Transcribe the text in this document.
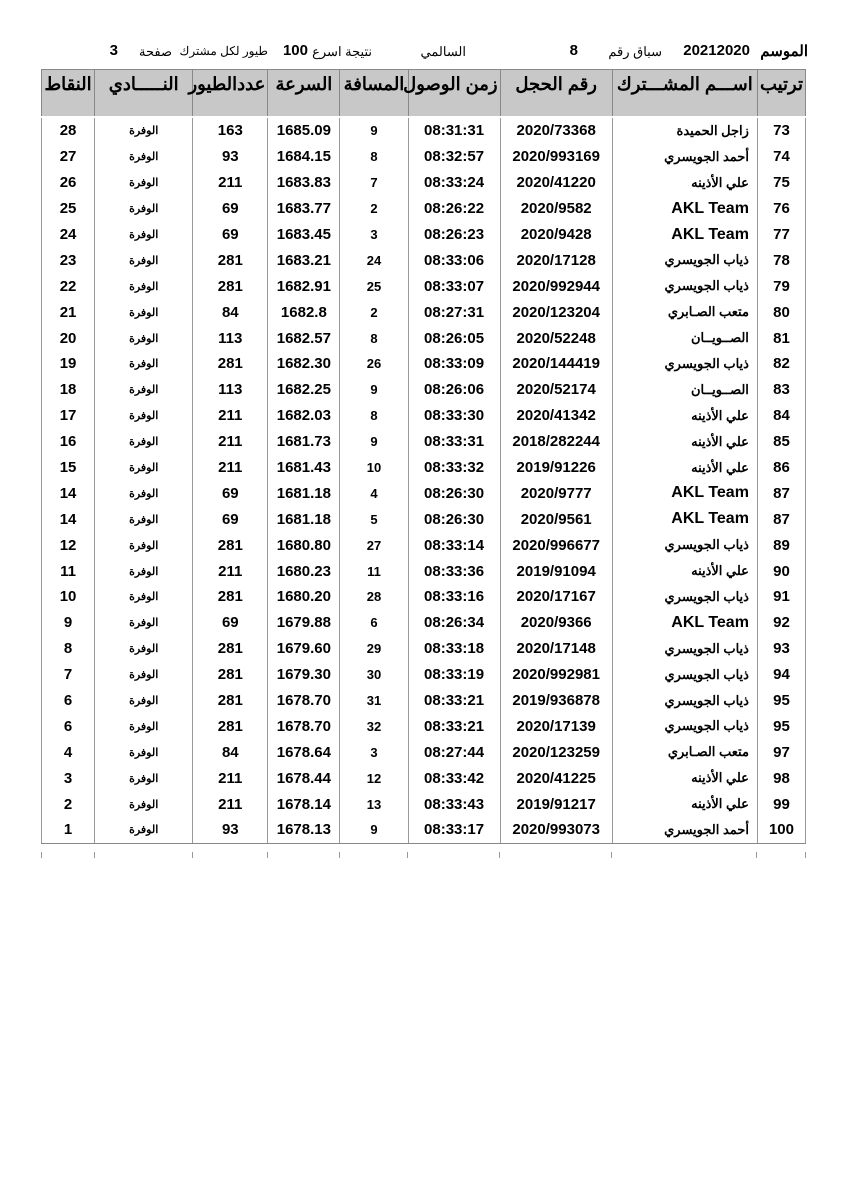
الموسم
20212020
سباق رقم
8
السالمي
نتيجة اسرع
100
طيور لكل مشترك
صفحة
3
ترتيب	اســـم المشـــترك	رقم الحجل	زمن الوصول	المسافة	السرعة	عددالطيور	النـــــادي	النقاط
73	زاجل الحميدة	2020/73368	08:31:31	9	1685.09	163	الوفرة	28
74	أحمد الجويسري	2020/993169	08:32:57	8	1684.15	93	الوفرة	27
75	علي الأذينه	2020/41220	08:33:24	7	1683.83	211	الوفرة	26
76	AKL Team	2020/9582	08:26:22	2	1683.77	69	الوفرة	25
77	AKL Team	2020/9428	08:26:23	3	1683.45	69	الوفرة	24
78	ذياب الجويسري	2020/17128	08:33:06	24	1683.21	281	الوفرة	23
79	ذياب الجويسري	2020/992944	08:33:07	25	1682.91	281	الوفرة	22
80	متعب الصـابري	2020/123204	08:27:31	2	1682.8	84	الوفرة	21
81	الصــويــان	2020/52248	08:26:05	8	1682.57	113	الوفرة	20
82	ذياب الجويسري	2020/144419	08:33:09	26	1682.30	281	الوفرة	19
83	الصــويــان	2020/52174	08:26:06	9	1682.25	113	الوفرة	18
84	علي الأذينه	2020/41342	08:33:30	8	1682.03	211	الوفرة	17
85	علي الأذينه	2018/282244	08:33:31	9	1681.73	211	الوفرة	16
86	علي الأذينه	2019/91226	08:33:32	10	1681.43	211	الوفرة	15
87	AKL Team	2020/9777	08:26:30	4	1681.18	69	الوفرة	14
87	AKL Team	2020/9561	08:26:30	5	1681.18	69	الوفرة	14
89	ذياب الجويسري	2020/996677	08:33:14	27	1680.80	281	الوفرة	12
90	علي الأذينه	2019/91094	08:33:36	11	1680.23	211	الوفرة	11
91	ذياب الجويسري	2020/17167	08:33:16	28	1680.20	281	الوفرة	10
92	AKL Team	2020/9366	08:26:34	6	1679.88	69	الوفرة	9
93	ذياب الجويسري	2020/17148	08:33:18	29	1679.60	281	الوفرة	8
94	ذياب الجويسري	2020/992981	08:33:19	30	1679.30	281	الوفرة	7
95	ذياب الجويسري	2019/936878	08:33:21	31	1678.70	281	الوفرة	6
95	ذياب الجويسري	2020/17139	08:33:21	32	1678.70	281	الوفرة	6
97	متعب الصـابري	2020/123259	08:27:44	3	1678.64	84	الوفرة	4
98	علي الأذينه	2020/41225	08:33:42	12	1678.44	211	الوفرة	3
99	علي الأذينه	2019/91217	08:33:43	13	1678.14	211	الوفرة	2
100	أحمد الجويسري	2020/993073	08:33:17	9	1678.13	93	الوفرة	1
